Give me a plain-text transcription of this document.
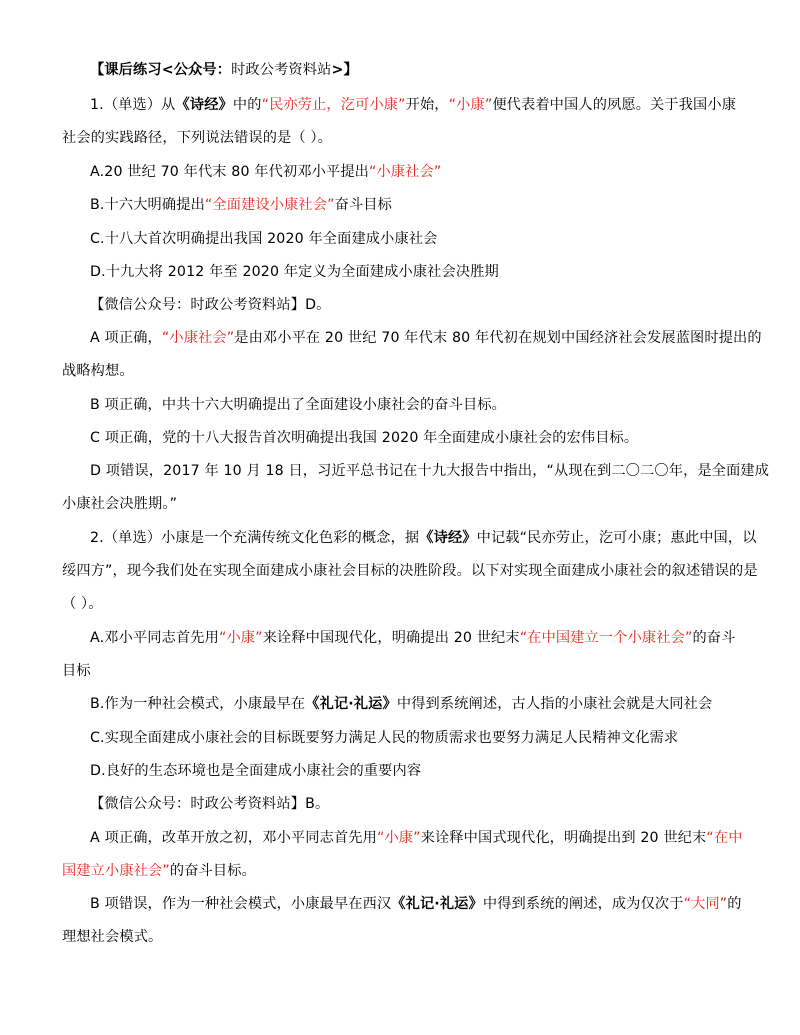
【课后练习<公众号：时政公考资料站>】
1.（单选）从《诗经》中的“民亦劳止，汔可小康”开始，“小康”便代表着中国人的夙愿。关于我国小康
社会的实践路径，下列说法错误的是（ ）。
A.20 世纪 70 年代末 80 年代初邓小平提出“小康社会”
B.十六大明确提出“全面建设小康社会”奋斗目标
C.十八大首次明确提出我国 2020 年全面建成小康社会
D.十九大将 2012 年至 2020 年定义为全面建成小康社会决胜期
【微信公众号：时政公考资料站】D。
A 项正确，“小康社会”是由邓小平在 20 世纪 70 年代末 80 年代初在规划中国经济社会发展蓝图时提出的
战略构想。
B 项正确，中共十六大明确提出了全面建设小康社会的奋斗目标。
C 项正确，党的十八大报告首次明确提出我国 2020 年全面建成小康社会的宏伟目标。
D 项错误，2017 年 10 月 18 日，习近平总书记在十九大报告中指出，“从现在到二〇二〇年，是全面建成
小康社会决胜期。”
2.（单选）小康是一个充满传统文化色彩的概念，据《诗经》中记载“民亦劳止，汔可小康；惠此中国，以
绥四方”，现今我们处在实现全面建成小康社会目标的决胜阶段。以下对实现全面建成小康社会的叙述错误的是
（ ）。
A.邓小平同志首先用“小康”来诠释中国现代化，明确提出 20 世纪末“在中国建立一个小康社会”的奋斗
目标
B.作为一种社会模式，小康最早在《礼记·礼运》中得到系统阐述，古人指的小康社会就是大同社会
C.实现全面建成小康社会的目标既要努力满足人民的物质需求也要努力满足人民精神文化需求
D.良好的生态环境也是全面建成小康社会的重要内容
【微信公众号：时政公考资料站】B。
A 项正确，改革开放之初，邓小平同志首先用“小康”来诠释中国式现代化，明确提出到 20 世纪末“在中
国建立小康社会”的奋斗目标。
B 项错误，作为一种社会模式，小康最早在西汉《礼记·礼运》中得到系统的阐述，成为仅次于“大同”的
理想社会模式。
